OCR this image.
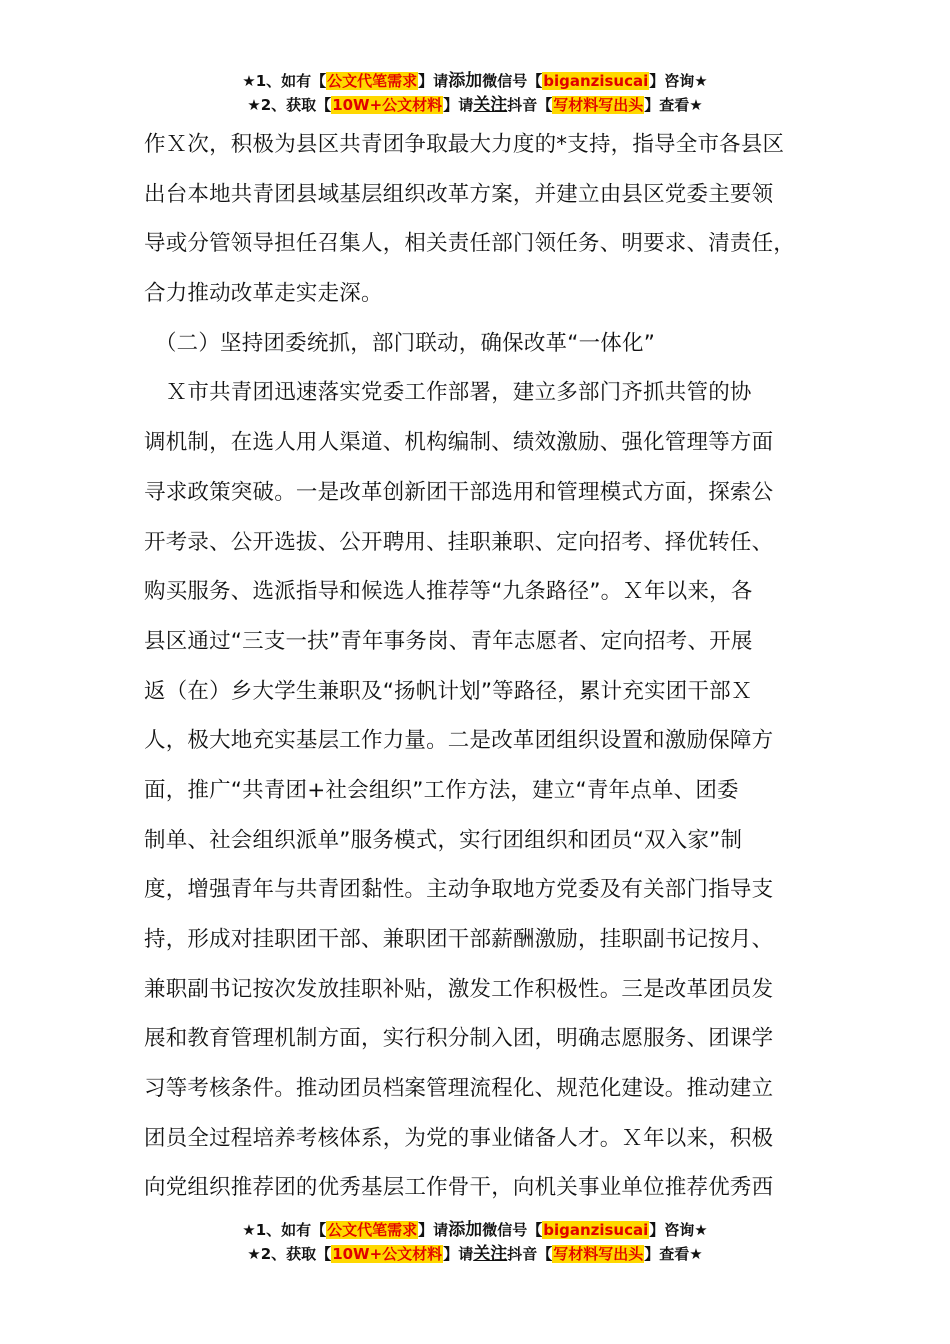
★1、如有【公文代笔需求】请添加微信号【biganzisucai】咨询★
★2、获取【10W+公文材料】请关注抖音【写材料写出头】查看★
作Ｘ次，积极为县区共青团争取最大力度的*支持，指导全市各县区
出台本地共青团县域基层组织改革方案，并建立由县区党委主要领
导或分管领导担任召集人，相关责任部门领任务、明要求、清责任，
合力推动改革走实走深。
　（二）坚持团委统抓，部门联动，确保改革“一体化”
　Ｘ市共青团迅速落实党委工作部署，建立多部门齐抓共管的协
调机制，在选人用人渠道、机构编制、绩效激励、强化管理等方面
寻求政策突破。一是改革创新团干部选用和管理模式方面，探索公
开考录、公开选拔、公开聘用、挂职兼职、定向招考、择优转任、
购买服务、选派指导和候选人推荐等“九条路径”。Ｘ年以来，各
县区通过“三支一扶”青年事务岗、青年志愿者、定向招考、开展
返（在）乡大学生兼职及“扬帆计划”等路径，累计充实团干部Ｘ
人，极大地充实基层工作力量。二是改革团组织设置和激励保障方
面，推广“共青团+社会组织”工作方法，建立“青年点单、团委
制单、社会组织派单”服务模式，实行团组织和团员“双入家”制
度，增强青年与共青团黏性。主动争取地方党委及有关部门指导支
持，形成对挂职团干部、兼职团干部薪酬激励，挂职副书记按月、
兼职副书记按次发放挂职补贴，激发工作积极性。三是改革团员发
展和教育管理机制方面，实行积分制入团，明确志愿服务、团课学
习等考核条件。推动团员档案管理流程化、规范化建设。推动建立
团员全过程培养考核体系，为党的事业储备人才。Ｘ年以来，积极
向党组织推荐团的优秀基层工作骨干，向机关事业单位推荐优秀西
★1、如有【公文代笔需求】请添加微信号【biganzisucai】咨询★
★2、获取【10W+公文材料】请关注抖音【写材料写出头】查看★
